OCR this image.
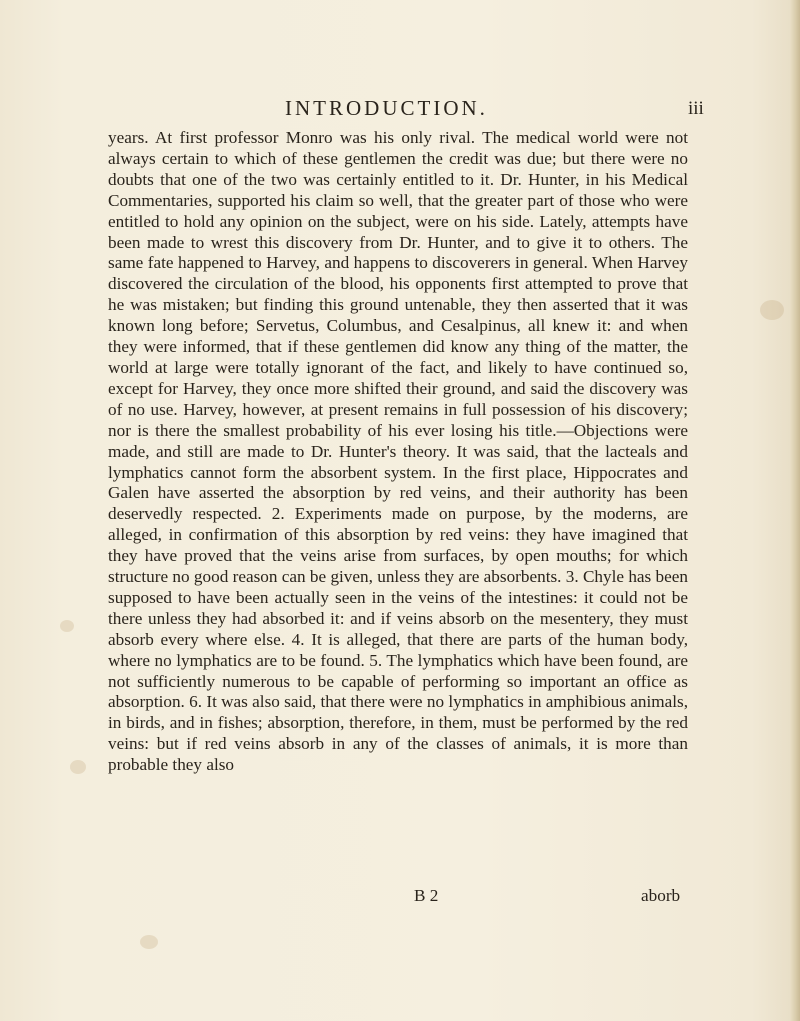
INTRODUCTION.	iii

years. At first professor Monro was his only rival. The medical world were not always certain to which of these gentlemen the credit was due; but there were no doubts that one of the two was certainly entitled to it. Dr. Hunter, in his Medical Commentaries, supported his claim so well, that the greater part of those who were entitled to hold any opinion on the subject, were on his side. Lately, attempts have been made to wrest this discovery from Dr. Hunter, and to give it to others. The same fate happened to Harvey, and happens to discoverers in general. When Harvey discovered the circulation of the blood, his opponents first attempted to prove that he was mistaken; but finding this ground untenable, they then asserted that it was known long before; Servetus, Columbus, and Cesalpinus, all knew it: and when they were informed, that if these gentlemen did know any thing of the matter, the world at large were totally ignorant of the fact, and likely to have continued so, except for Harvey, they once more shifted their ground, and said the discovery was of no use. Harvey, however, at present remains in full possession of his discovery; nor is there the smallest probability of his ever losing his title.—Objections were made, and still are made to Dr. Hunter's theory. It was said, that the lacteals and lymphatics cannot form the absorbent system. In the first place, Hippocrates and Galen have asserted the absorption by red veins, and their authority has been deservedly respected. 2. Experiments made on purpose, by the moderns, are alleged, in confirmation of this absorption by red veins: they have imagined that they have proved that the veins arise from surfaces, by open mouths; for which structure no good reason can be given, unless they are absorbents. 3. Chyle has been supposed to have been actually seen in the veins of the intestines: it could not be there unless they had absorbed it: and if veins absorb on the mesentery, they must absorb every where else. 4. It is alleged, that there are parts of the human body, where no lymphatics are to be found. 5. The lymphatics which have been found, are not sufficiently numerous to be capable of performing so important an office as absorption. 6. It was also said, that there were no lymphatics in amphibious animals, in birds, and in fishes; absorption, therefore, in them, must be performed by the red veins: but if red veins absorb in any of the classes of animals, it is more than probable they also

B 2	aborb
